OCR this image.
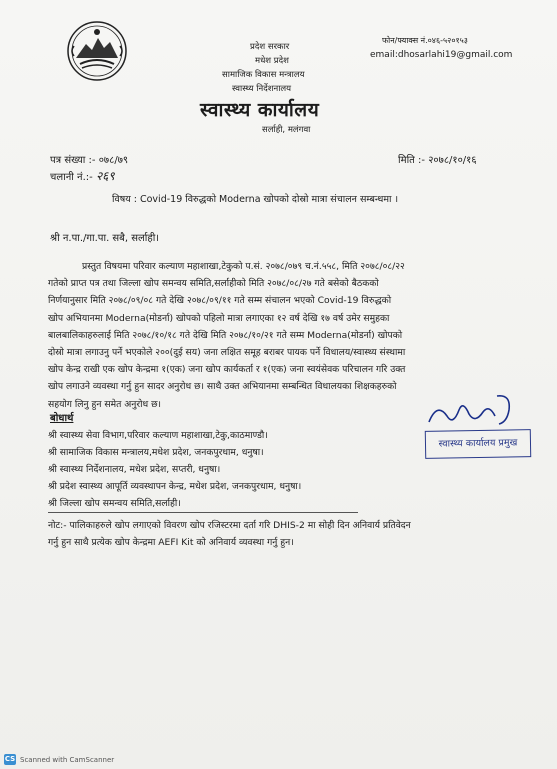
प्रदेश सरकार
मधेश प्रदेश
सामाजिक विकास मन्त्रालय
स्वास्थ्य निर्देशनालय
स्वास्थ्य कार्यालय
सर्लाही, मलंगवा
फोन/फ्याक्स नं.०४६-५२०१५३
email:dhosarlahi19@gmail.com
पत्र संख्या :- ०७८/७९
चलानी नं.:- २६९
मिति :- २०७८/१०/१६
विषय : Covid-19 विरुद्धको Moderna खोपको दोस्रो मात्रा संचालन सम्बन्धमा ।
श्री न.पा./गा.पा. सबै, सर्लाही।
प्रस्तुत विषयमा परिवार कल्याण महाशाखा,टेकुको प.सं. २०७८/०७९ च.नं.५५८, मिति २०७८/०८/२२
गतेको प्राप्त पत्र तथा जिल्ला खोप समन्वय समिति,सर्लाहीको मिति २०७८/०८/२७ गते बसेको बैठकको
निर्णयानुसार मिति २०७८/०९/०८ गते देखि २०७८/०९/११ गते सम्म संचालन भएको Covid-19 विरुद्धको
खोप अभियानमा Moderna(मोडर्ना) खोपको पहिलो मात्रा लगाएका १२ वर्ष देखि १७ वर्ष उमेर समुहका
बालबालिकाहरुलाई मिति २०७८/१०/१८ गते देखि मिति २०७८/१०/२१ गते सम्म Moderna(मोडर्ना) खोपको
दोस्रो मात्रा लगाउनु पर्ने भएकोले २००(दुई सय) जना लक्षित समूह बराबर पायक पर्ने विधालय/स्वास्थ्य संस्थामा
खोप केन्द्र राखी एक खोप केन्द्रमा १(एक) जना खोप कार्यकर्ता र १(एक) जना स्वयंसेवक परिचालन गरि उक्त
खोप लगाउने व्यवस्था गर्नु हुन सादर अनुरोध छ। साथै उक्त अभियानमा सम्बन्धित विधालयका शिक्षकहरुको
सहयोग लिनु हुन समेत अनुरोध छ।
स्वास्थ्य कार्यालय प्रमुख
बोधार्थ
श्री स्वास्थ्य सेवा विभाग,परिवार कल्याण महाशाखा,टेकु,काठमाण्डौ।
श्री सामाजिक विकास मन्त्रालय,मधेश प्रदेश, जनकपुरधाम, धनुषा।
श्री स्वास्थ्य निर्देशनालय, मधेश प्रदेश, सप्तरी, धनुषा।
श्री प्रदेश स्वास्थ्य आपूर्ति व्यवस्थापन केन्द्र, मधेश प्रदेश, जनकपुरधाम, धनुषा।
श्री जिल्ला खोप समन्वय समिति,सर्लाही।
नोट:- पालिकाहरुले खोप लगाएको विवरण खोप रजिस्टरमा दर्ता गरि DHIS-2 मा सोही दिन अनिवार्य प्रतिवेदन
गर्नु हुन साथै प्रत्येक खोप केन्द्रमा AEFI Kit को अनिवार्य व्यवस्था गर्नु हुन।
CS Scanned with CamScanner
